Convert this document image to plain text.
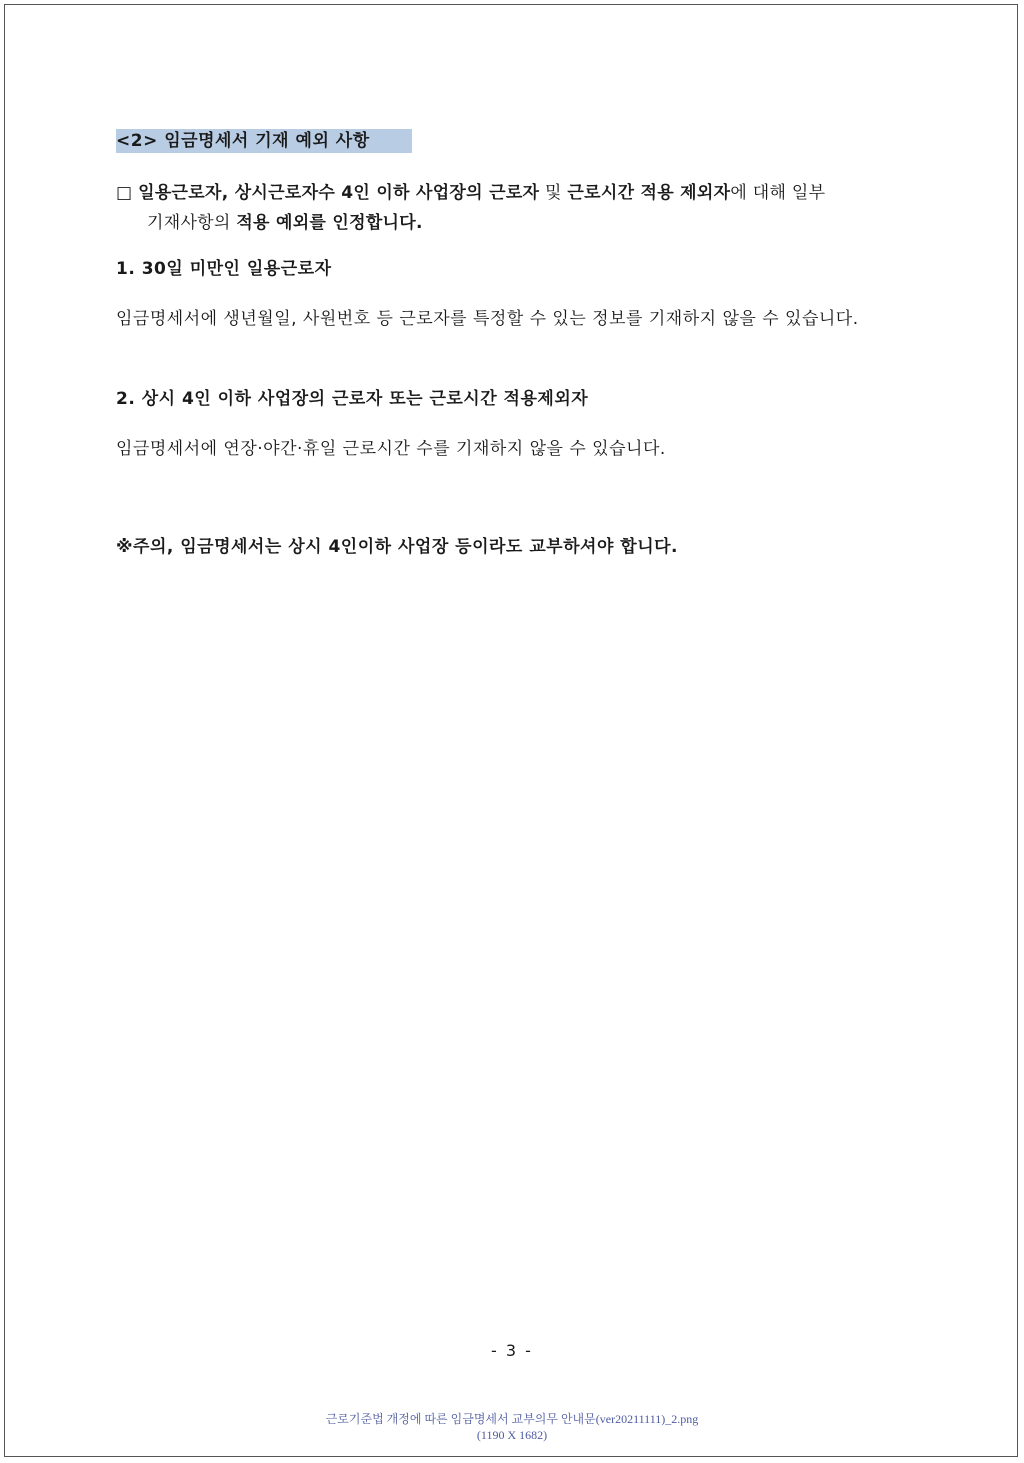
<2> 임금명세서 기재 예외 사항
□ 일용근로자, 상시근로자수 4인 이하 사업장의 근로자 및 근로시간 적용 제외자에 대해 일부
기재사항의 적용 예외를 인정합니다.
1. 30일 미만인 일용근로자
임금명세서에 생년월일, 사원번호 등 근로자를 특정할 수 있는 정보를 기재하지 않을 수 있습니다.
2. 상시 4인 이하 사업장의 근로자 또는 근로시간 적용제외자
임금명세서에 연장·야간·휴일 근로시간 수를 기재하지 않을 수 있습니다.
※주의, 임금명세서는 상시 4인이하 사업장 등이라도 교부하셔야 합니다.
- 3 -
근로기준법 개정에 따른 임금명세서 교부의무 안내문(ver20211111)_2.png
(1190 X 1682)
